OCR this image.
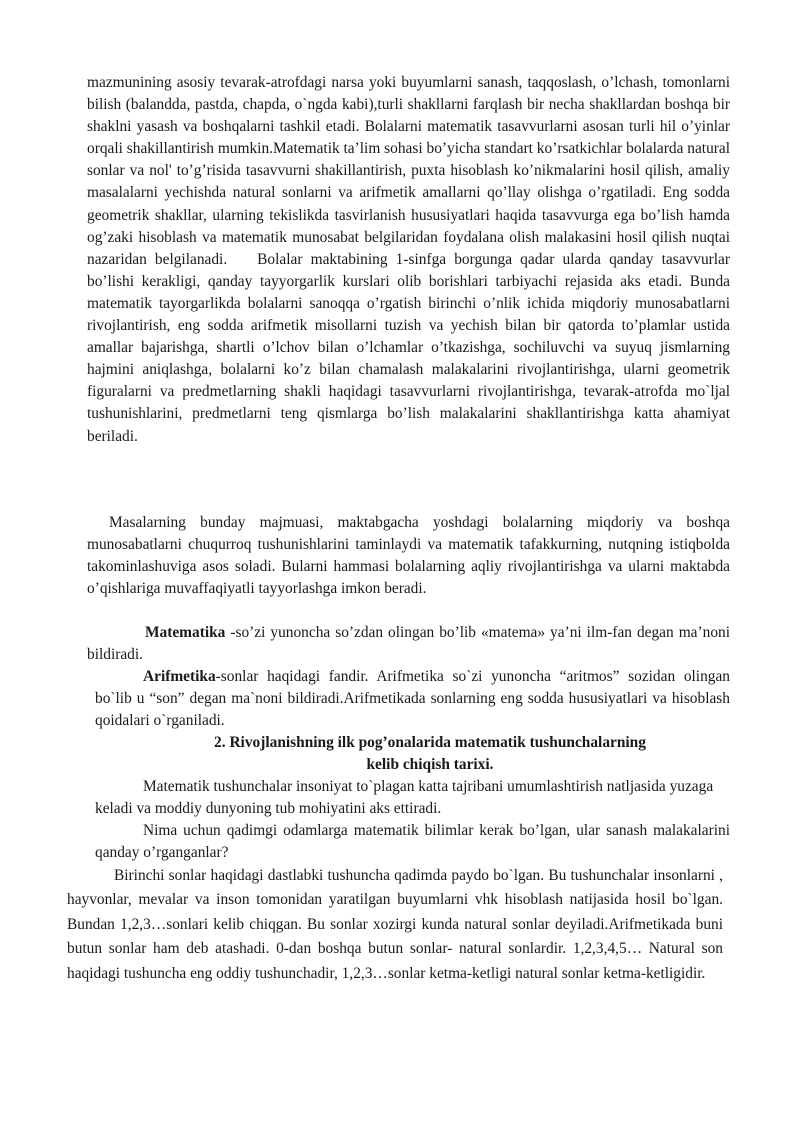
mazmunining asosiy tevarak-atrofdagi narsa yoki buyumlarni sanash, taqqoslash, o’lchash, tomonlarni bilish (balandda, pastda, chapda, o`ngda kabi),turli shakllarni farqlash bir necha shakllardan boshqa bir shaklni yasash va boshqalarni tashkil etadi. Bolalarni matematik tasavvurlarni asosan turli hil o’yinlar orqali shakillantirish mumkin.Matematik ta’lim sohasi bo’yicha standart ko’rsatkichlar bolalarda natural sonlar va nol' to’g’risida tasavvurni shakillantirish, puxta hisoblash ko’nikmalarini hosil qilish, amaliy masalalarni yechishda natural sonlarni va arifmetik amallarni qo’llay olishga o’rgatiladi. Eng sodda geometrik shakllar, ularning tekislikda tasvirlanish hususiyatlari haqida tasavvurga ega bo’lish hamda og’zaki hisoblash va matematik munosabat belgilaridan foydalana olish malakasini hosil qilish nuqtai nazaridan belgilanadi. Bolalar maktabining 1-sinfga borgunga qadar ularda qanday tasavvurlar bo’lishi kerakligi, qanday tayyorgarlik kurslari olib borishlari tarbiyachi rejasida aks etadi. Bunda matematik tayorgarlikda bolalarni sanoqqa o’rgatish birinchi o’nlik ichida miqdoriy munosabatlarni rivojlantirish, eng sodda arifmetik misollarni tuzish va yechish bilan bir qatorda to’plamlar ustida amallar bajarishga, shartli o’lchov bilan o’lchamlar o’tkazishga, sochiluvchi va suyuq jismlarning hajmini aniqlashga, bolalarni ko’z bilan chamalash malakalarini rivojlantirishga, ularni geometrik figuralarni va predmetlarning shakli haqidagi tasavvurlarni rivojlantirishga, tevarak-atrofda mo`ljal tushunishlarini, predmetlarni teng qismlarga bo’lish malakalarini shakllantirishga katta ahamiyat beriladi.

Masalarning bunday majmuasi, maktabgacha yoshdagi bolalarning miqdoriy va boshqa munosabatlarni chuqurroq tushunishlarini taminlaydi va matematik tafakkurning, nutqning istiqbolda takominlashuviga asos soladi. Bularni hammasi bolalarning aqliy rivojlantirishga va ularni maktabda o’qishlariga muvaffaqiyatli tayyorlashga imkon beradi.

Matematika -so’zi yunoncha so’zdan olingan bo’lib «matema» ya’ni ilm-fan degan ma’noni bildiradi.

Arifmetika-sonlar haqidagi fandir. Arifmetika so`zi yunoncha “aritmos” sozidan olingan bo`lib u “son” degan ma`noni bildiradi.Arifmetikada sonlarning eng sodda hususiyatlari va hisoblash qoidalari o`rganiladi.

2. Rivojlanishning ilk pog’onalarida matematik tushunchalarning
kelib chiqish tarixi.

Matematik tushunchalar insoniyat to`plagan katta tajribani umumlashtirish natljasida yuzaga keladi va moddiy dunyoning tub mohiyatini aks ettiradi.

Nima uchun qadimgi odamlarga matematik bilimlar kerak bo’lgan, ular sanash malakalarini qanday o’rganganlar?

Birinchi sonlar haqidagi dastlabki tushuncha qadimda paydo bo`lgan. Bu tushunchalar insonlarni , hayvonlar, mevalar va inson tomonidan yaratilgan buyumlarni vhk hisoblash natijasida hosil bo`lgan. Bundan 1,2,3…sonlari kelib chiqgan. Bu sonlar xozirgi kunda natural sonlar deyiladi.Arifmetikada buni butun sonlar ham deb atashadi. 0-dan boshqa butun sonlar- natural sonlardir. 1,2,3,4,5… Natural son haqidagi tushuncha eng oddiy tushunchadir, 1,2,3…sonlar ketma-ketligi natural sonlar ketma-ketligidir.
